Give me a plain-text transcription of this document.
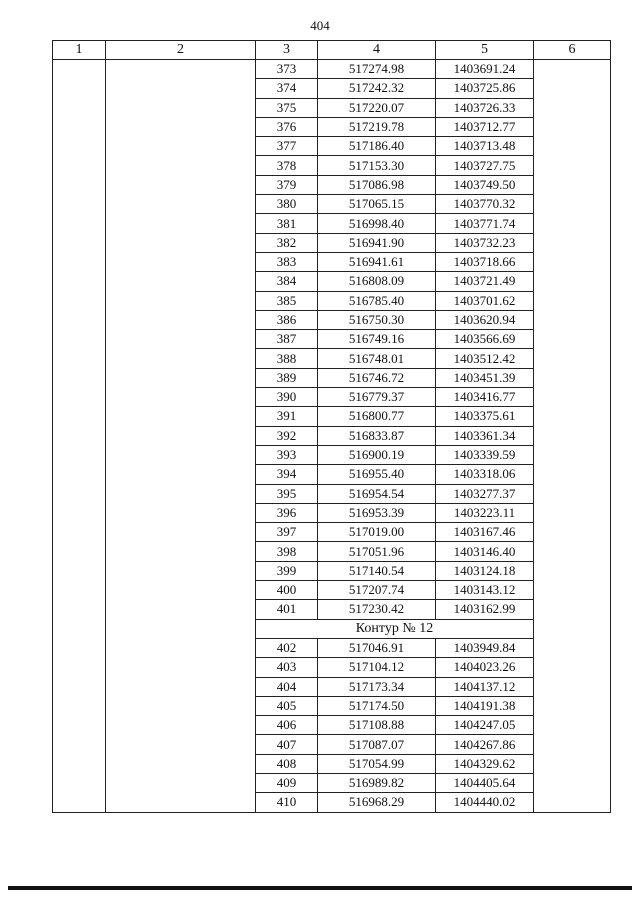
404
1	2	3	4	5	6
		373	517274.98	1403691.24	
		374	517242.32	1403725.86	
		375	517220.07	1403726.33	
		376	517219.78	1403712.77	
		377	517186.40	1403713.48	
		378	517153.30	1403727.75	
		379	517086.98	1403749.50	
		380	517065.15	1403770.32	
		381	516998.40	1403771.74	
		382	516941.90	1403732.23	
		383	516941.61	1403718.66	
		384	516808.09	1403721.49	
		385	516785.40	1403701.62	
		386	516750.30	1403620.94	
		387	516749.16	1403566.69	
		388	516748.01	1403512.42	
		389	516746.72	1403451.39	
		390	516779.37	1403416.77	
		391	516800.77	1403375.61	
		392	516833.87	1403361.34	
		393	516900.19	1403339.59	
		394	516955.40	1403318.06	
		395	516954.54	1403277.37	
		396	516953.39	1403223.11	
		397	517019.00	1403167.46	
		398	517051.96	1403146.40	
		399	517140.54	1403124.18	
		400	517207.74	1403143.12	
		401	517230.42	1403162.99	
		Контур № 12			
		402	517046.91	1403949.84	
		403	517104.12	1404023.26	
		404	517173.34	1404137.12	
		405	517174.50	1404191.38	
		406	517108.88	1404247.05	
		407	517087.07	1404267.86	
		408	517054.99	1404329.62	
		409	516989.82	1404405.64	
		410	516968.29	1404440.02	
